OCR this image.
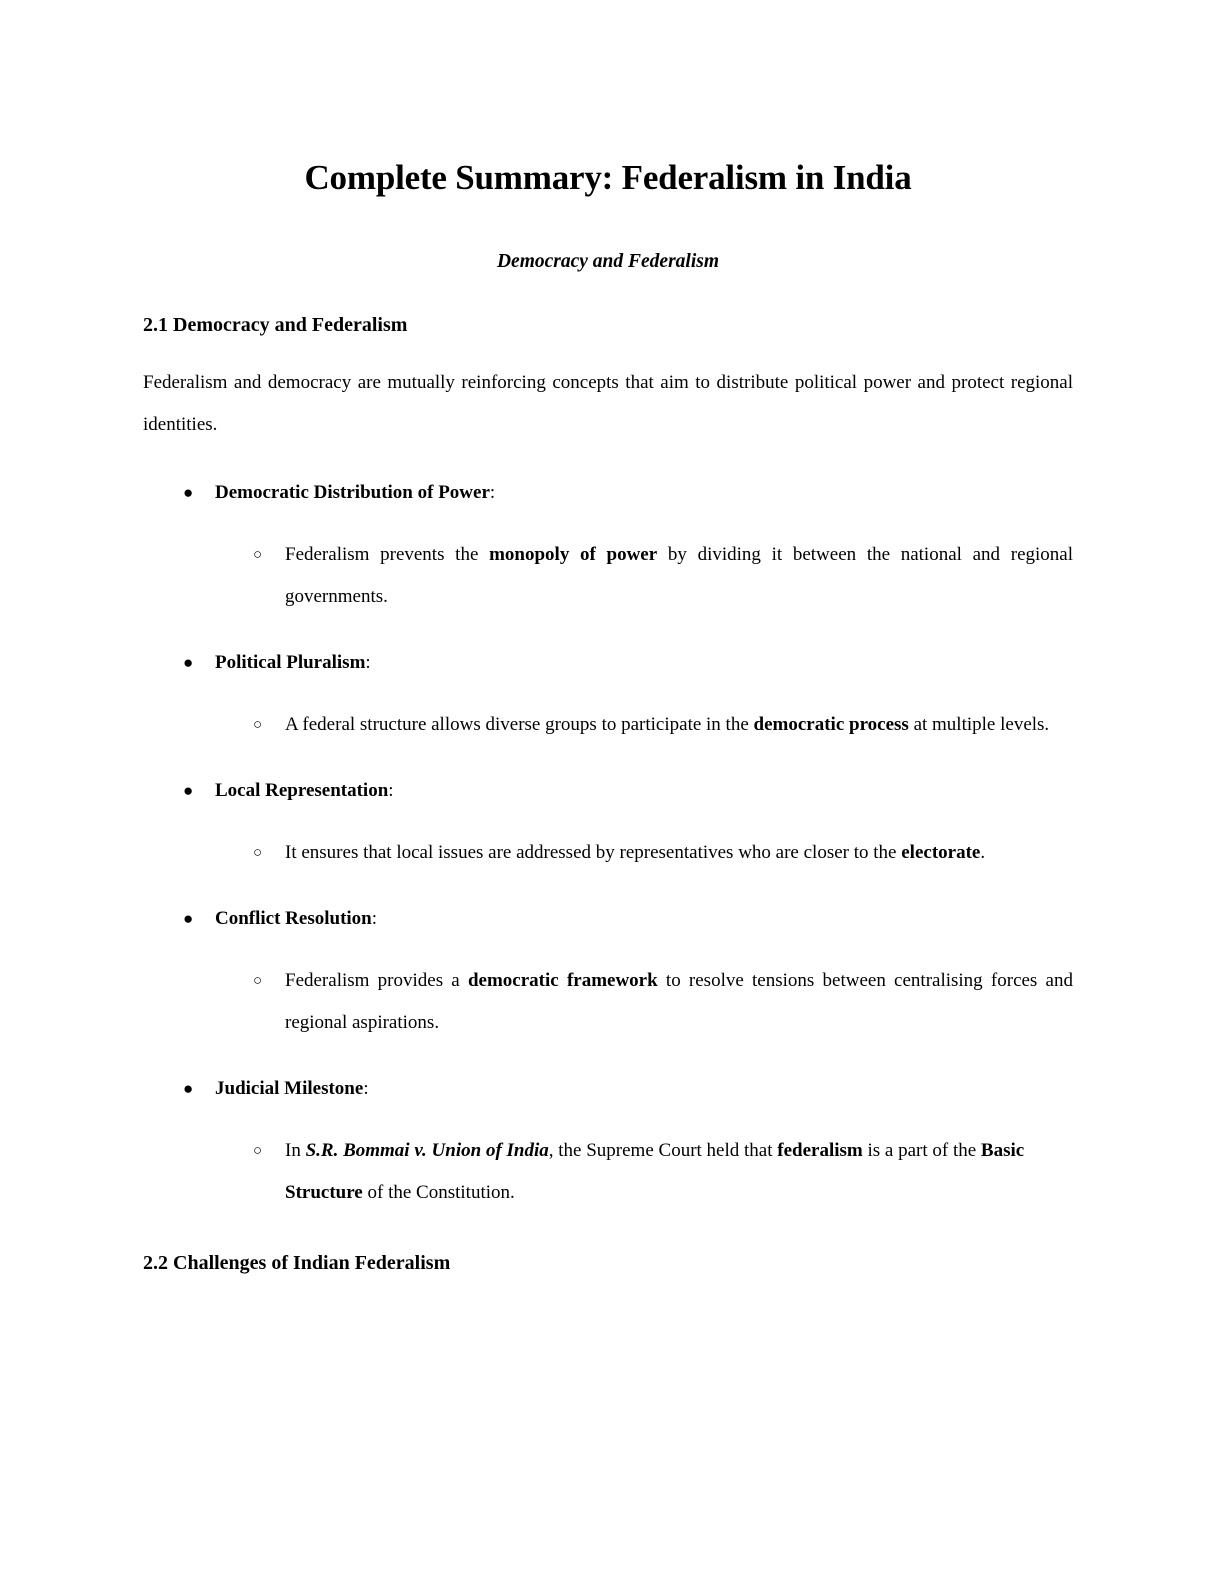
Complete Summary: Federalism in India
Democracy and Federalism
2.1 Democracy and Federalism

Federalism and democracy are mutually reinforcing concepts that aim to distribute political power and protect regional identities.

●	Democratic Distribution of Power:
○	Federalism prevents the monopoly of power by dividing it between the national and regional governments.
●	Political Pluralism:
○	A federal structure allows diverse groups to participate in the democratic process at multiple levels.
●	Local Representation:
○	It ensures that local issues are addressed by representatives who are closer to the electorate.
●	Conflict Resolution:
○	Federalism provides a democratic framework to resolve tensions between centralising forces and regional aspirations.
●	Judicial Milestone:
○	In S.R. Bommai v. Union of India, the Supreme Court held that federalism is a part of the Basic Structure of the Constitution.
2.2 Challenges of Indian Federalism
